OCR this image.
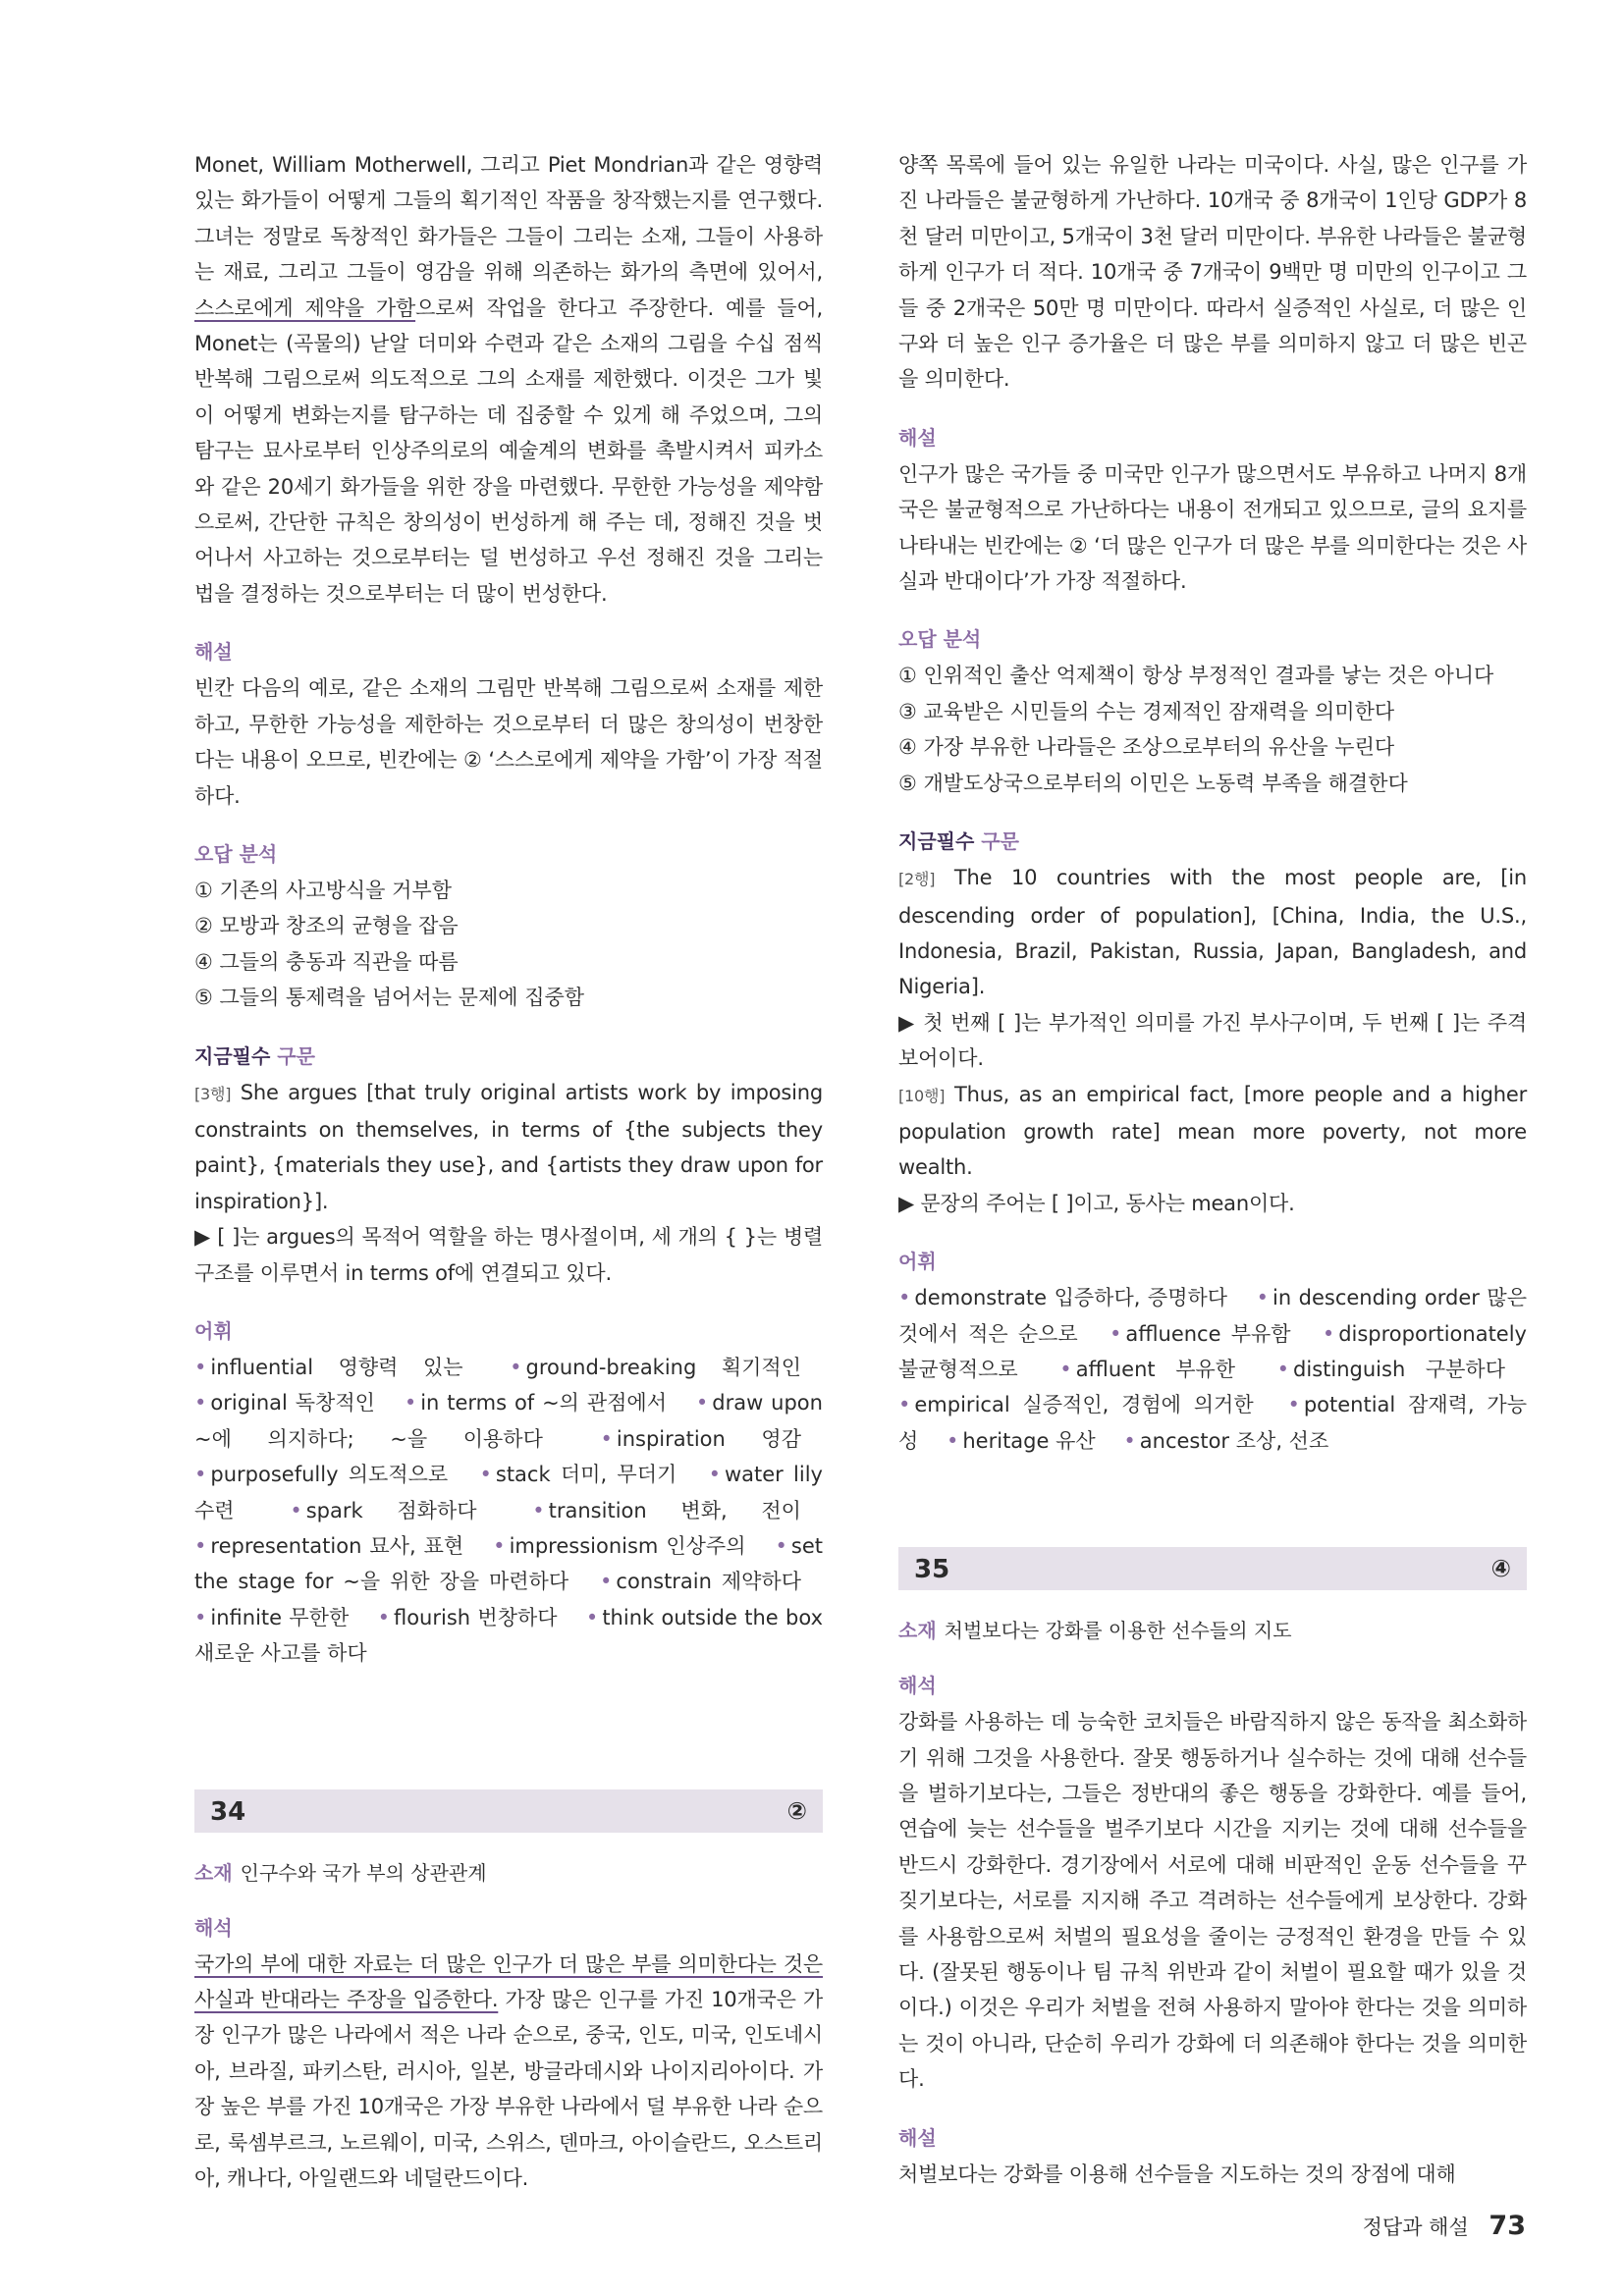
Monet, William Motherwell, 그리고 Piet Mondrian과 같은 영향력 있는 화가들이 어떻게 그들의 획기적인 작품을 창작했는지를 연구했다. 그녀는 정말로 독창적인 화가들은 그들이 그리는 소재, 그들이 사용하는 재료, 그리고 그들이 영감을 위해 의존하는 화가의 측면에 있어서, 스스로에게 제약을 가함으로써 작업을 한다고 주장한다. 예를 들어, Monet는 (곡물의) 낟알 더미와 수련과 같은 소재의 그림을 수십 점씩 반복해 그림으로써 의도적으로 그의 소재를 제한했다. 이것은 그가 빛이 어떻게 변화는지를 탐구하는 데 집중할 수 있게 해 주었으며, 그의 탐구는 묘사로부터 인상주의로의 예술계의 변화를 촉발시켜서 피카소와 같은 20세기 화가들을 위한 장을 마련했다. 무한한 가능성을 제약함으로써, 간단한 규칙은 창의성이 번성하게 해 주는 데, 정해진 것을 벗어나서 사고하는 것으로부터는 덜 번성하고 우선 정해진 것을 그리는 법을 결정하는 것으로부터는 더 많이 번성한다.

해설

빈칸 다음의 예로, 같은 소재의 그림만 반복해 그림으로써 소재를 제한하고, 무한한 가능성을 제한하는 것으로부터 더 많은 창의성이 번창한다는 내용이 오므로, 빈칸에는 ② ‘스스로에게 제약을 가함’이 가장 적절하다.

오답 분석
① 기존의 사고방식을 거부함
② 모방과 창조의 균형을 잡음
④ 그들의 충동과 직관을 따름
⑤ 그들의 통제력을 넘어서는 문제에 집중함
지금필수 구문

[3행] She argues [that truly original artists work by imposing constraints on themselves, in terms of {the subjects they paint}, {materials they use}, and {artists they draw upon for inspiration}].

▶ [ ]는 argues의 목적어 역할을 하는 명사절이며, 세 개의 { }는 병렬 구조를 이루면서 in terms of에 연결되고 있다.

어휘

• influential 영향력 있는 • ground-breaking 획기적인 • original 독창적인 • in terms of ~의 관점에서 • draw upon ~에 의지하다; ~을 이용하다	• inspiration 영감 • purposefully 의도적으로 • stack 더미, 무더기 • water lily 수련	• spark 점화하다	• transition 변화, 전이 • representation 묘사, 표현 • impressionism 인상주의 • set the stage for ~을 위한 장을 마련하다 • constrain 제약하다 • infinite 무한한 • flourish 번창하다 • think outside the box 새로운 사고를 하다

34	②

소재 인구수와 국가 부의 상관관계

해석

국가의 부에 대한 자료는 더 많은 인구가 더 많은 부를 의미한다는 것은 사실과 반대라는 주장을 입증한다. 가장 많은 인구를 가진 10개국은 가장 인구가 많은 나라에서 적은 나라 순으로, 중국, 인도, 미국, 인도네시아, 브라질, 파키스탄, 러시아, 일본, 방글라데시와 나이지리아이다. 가장 높은 부를 가진 10개국은 가장 부유한 나라에서 덜 부유한 나라 순으로, 룩셈부르크, 노르웨이, 미국, 스위스, 덴마크, 아이슬란드, 오스트리아, 캐나다, 아일랜드와 네덜란드이다.

양쪽 목록에 들어 있는 유일한 나라는 미국이다. 사실, 많은 인구를 가진 나라들은 불균형하게 가난하다. 10개국 중 8개국이 1인당 GDP가 8천 달러 미만이고, 5개국이 3천 달러 미만이다. 부유한 나라들은 불균형하게 인구가 더 적다. 10개국 중 7개국이 9백만 명 미만의 인구이고 그들 중 2개국은 50만 명 미만이다. 따라서 실증적인 사실로, 더 많은 인구와 더 높은 인구 증가율은 더 많은 부를 의미하지 않고 더 많은 빈곤을 의미한다.

해설

인구가 많은 국가들 중 미국만 인구가 많으면서도 부유하고 나머지 8개국은 불균형적으로 가난하다는 내용이 전개되고 있으므로, 글의 요지를 나타내는 빈칸에는 ② ‘더 많은 인구가 더 많은 부를 의미한다는 것은 사실과 반대이다’가 가장 적절하다.

오답 분석
① 인위적인 출산 억제책이 항상 부정적인 결과를 낳는 것은 아니다
③ 교육받은 시민들의 수는 경제적인 잠재력을 의미한다
④ 가장 부유한 나라들은 조상으로부터의 유산을 누린다
⑤ 개발도상국으로부터의 이민은 노동력 부족을 해결한다
지금필수 구문

[2행] The 10 countries with the most people are, [in descending order of population], [China, India, the U.S., Indonesia, Brazil, Pakistan, Russia, Japan, Bangladesh, and Nigeria].

▶ 첫 번째 [ ]는 부가적인 의미를 가진 부사구이며, 두 번째 [ ]는 주격보어이다.

[10행] Thus, as an empirical fact, [more people and a higher population growth rate] mean more poverty, not more wealth.

▶ 문장의 주어는 [ ]이고, 동사는 mean이다.

어휘

• demonstrate 입증하다, 증명하다 • in descending order 많은 것에서 적은 순으로 • affluence 부유함 • disproportionately 불균형적으로 • affluent 부유한 • distinguish 구분하다 • empirical 실증적인, 경험에 의거한 • potential 잠재력, 가능성 • heritage 유산 • ancestor 조상, 선조

35	④

소재 처벌보다는 강화를 이용한 선수들의 지도

해석

강화를 사용하는 데 능숙한 코치들은 바람직하지 않은 동작을 최소화하기 위해 그것을 사용한다. 잘못 행동하거나 실수하는 것에 대해 선수들을 벌하기보다는, 그들은 정반대의 좋은 행동을 강화한다. 예를 들어, 연습에 늦는 선수들을 벌주기보다 시간을 지키는 것에 대해 선수들을 반드시 강화한다. 경기장에서 서로에 대해 비판적인 운동 선수들을 꾸짖기보다는, 서로를 지지해 주고 격려하는 선수들에게 보상한다. 강화를 사용함으로써 처벌의 필요성을 줄이는 긍정적인 환경을 만들 수 있다. (잘못된 행동이나 팀 규칙 위반과 같이 처벌이 필요할 때가 있을 것이다.) 이것은 우리가 처벌을 전혀 사용하지 말아야 한다는 것을 의미하는 것이 아니라, 단순히 우리가 강화에 더 의존해야 한다는 것을 의미한다.

해설

처벌보다는 강화를 이용해 선수들을 지도하는 것의 장점에 대해

정답과 해설 73
